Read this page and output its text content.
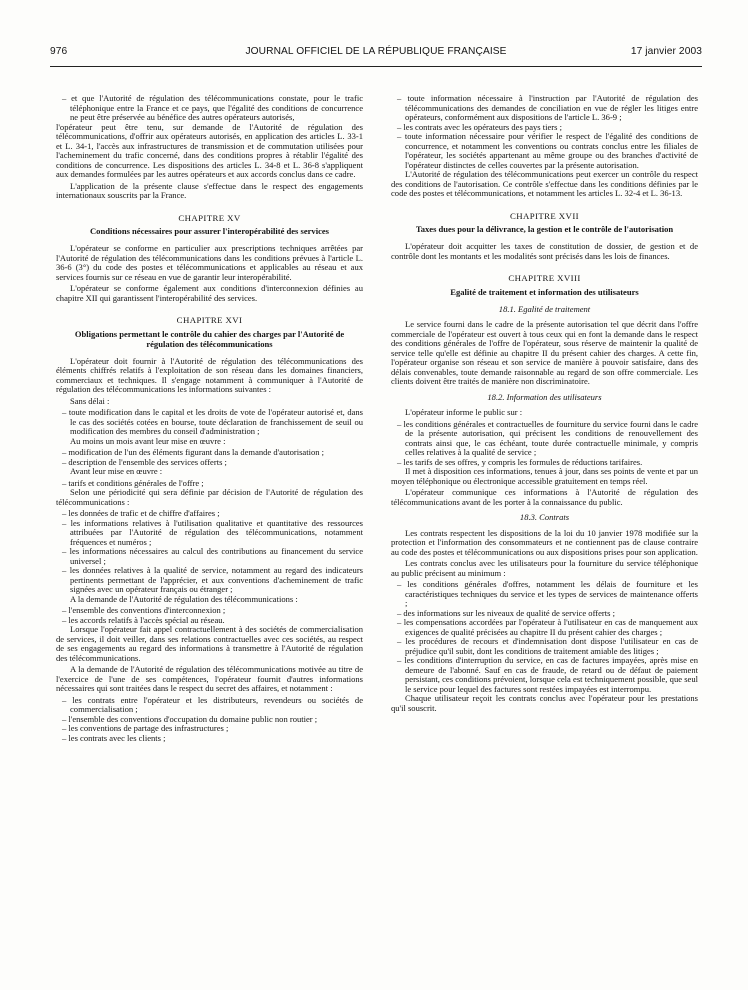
976	JOURNAL OFFICIEL DE LA RÉPUBLIQUE FRANÇAISE	17 janvier 2003

– et que l'Autorité de régulation des télécommunications constate, pour le trafic téléphonique entre la France et ce pays, que l'égalité des conditions de concurrence ne peut être préservée au bénéfice des autres opérateurs autorisés,

l'opérateur peut être tenu, sur demande de l'Autorité de régulation des télécommunications, d'offrir aux opérateurs autorisés, en application des articles L. 33-1 et L. 34-1, l'accès aux infrastructures de transmission et de commutation utilisées pour l'acheminement du trafic concerné, dans des conditions propres à rétablir l'égalité des conditions de concurrence. Les dispositions des articles L. 34-8 et L. 36-8 s'appliquent aux demandes formulées par les autres opérateurs et aux accords conclus dans ce cadre.

L'application de la présente clause s'effectue dans le respect des engagements internationaux souscrits par la France.

CHAPITRE XV
Conditions nécessaires pour assurer l'interopérabilité des services

L'opérateur se conforme en particulier aux prescriptions techniques arrêtées par l'Autorité de régulation des télécommunications dans les conditions prévues à l'article L. 36-6 (3°) du code des postes et télécommunications et applicables au réseau et aux services fournis sur ce réseau en vue de garantir leur interopérabilité.

L'opérateur se conforme également aux conditions d'interconnexion définies au chapitre XII qui garantissent l'interopérabilité des services.

CHAPITRE XVI
Obligations permettant le contrôle du cahier des charges par l'Autorité de régulation des télécommunications

L'opérateur doit fournir à l'Autorité de régulation des télécommunications des éléments chiffrés relatifs à l'exploitation de son réseau dans les domaines financiers, commerciaux et techniques. Il s'engage notamment à communiquer à l'Autorité de régulation des télécommunications les informations suivantes :

Sans délai :

– toute modification dans le capital et les droits de vote de l'opérateur autorisé et, dans le cas des sociétés cotées en bourse, toute déclaration de franchissement de seuil ou modification des membres du conseil d'administration ;

Au moins un mois avant leur mise en œuvre :

– modification de l'un des éléments figurant dans la demande d'autorisation ;

– description de l'ensemble des services offerts ;

Avant leur mise en œuvre :

– tarifs et conditions générales de l'offre ;

Selon une périodicité qui sera définie par décision de l'Autorité de régulation des télécommunications :

– les données de trafic et de chiffre d'affaires ;

– les informations relatives à l'utilisation qualitative et quantitative des ressources attribuées par l'Autorité de régulation des télécommunications, notamment fréquences et numéros ;

– les informations nécessaires au calcul des contributions au financement du service universel ;

– les données relatives à la qualité de service, notamment au regard des indicateurs pertinents permettant de l'apprécier, et aux conventions d'acheminement de trafic signées avec un opérateur français ou étranger ;

A la demande de l'Autorité de régulation des télécommunications :

– l'ensemble des conventions d'interconnexion ;

– les accords relatifs à l'accès spécial au réseau.

Lorsque l'opérateur fait appel contractuellement à des sociétés de commercialisation de services, il doit veiller, dans ses relations contractuelles avec ces sociétés, au respect de ses engagements au regard des informations à transmettre à l'Autorité de régulation des télécommunications.

A la demande de l'Autorité de régulation des télécommunications motivée au titre de l'exercice de l'une de ses compétences, l'opérateur fournit d'autres informations nécessaires qui sont traitées dans le respect du secret des affaires, et notamment :

– les contrats entre l'opérateur et les distributeurs, revendeurs ou sociétés de commercialisation ;

– l'ensemble des conventions d'occupation du domaine public non routier ;

– les conventions de partage des infrastructures ;

– les contrats avec les clients ;

– toute information nécessaire à l'instruction par l'Autorité de régulation des télécommunications des demandes de conciliation en vue de régler les litiges entre opérateurs, conformément aux dispositions de l'article L. 36-9 ;

– les contrats avec les opérateurs des pays tiers ;

– toute information nécessaire pour vérifier le respect de l'égalité des conditions de concurrence, et notamment les conventions ou contrats conclus entre les filiales de l'opérateur, les sociétés appartenant au même groupe ou des branches d'activité de l'opérateur distinctes de celles couvertes par la présente autorisation.

L'Autorité de régulation des télécommunications peut exercer un contrôle du respect des conditions de l'autorisation. Ce contrôle s'effectue dans les conditions définies par le code des postes et télécommunications, et notamment les articles L. 32-4 et L. 36-13.

CHAPITRE XVII
Taxes dues pour la délivrance, la gestion et le contrôle de l'autorisation

L'opérateur doit acquitter les taxes de constitution de dossier, de gestion et de contrôle dont les montants et les modalités sont précisés dans les lois de finances.

CHAPITRE XVIII
Egalité de traitement et information des utilisateurs
18.1. Egalité de traitement

Le service fourni dans le cadre de la présente autorisation tel que décrit dans l'offre commerciale de l'opérateur est ouvert à tous ceux qui en font la demande dans le respect des conditions générales de l'offre de l'opérateur, sous réserve de maintenir la qualité de service telle qu'elle est définie au chapitre II du présent cahier des charges. A cette fin, l'opérateur organise son réseau et son service de manière à pouvoir satisfaire, dans des délais convenables, toute demande raisonnable au regard de son offre commerciale. Les clients doivent être traités de manière non discriminatoire.

18.2. Information des utilisateurs

L'opérateur informe le public sur :

– les conditions générales et contractuelles de fourniture du service fourni dans le cadre de la présente autorisation, qui précisent les conditions de renouvellement des contrats ainsi que, le cas échéant, toute durée contractuelle minimale, y compris celles relatives à la qualité de service ;

– les tarifs de ses offres, y compris les formules de réductions tarifaires.

Il met à disposition ces informations, tenues à jour, dans ses points de vente et par un moyen téléphonique ou électronique accessible gratuitement en temps réel.

L'opérateur communique ces informations à l'Autorité de régulation des télécommunications avant de les porter à la connaissance du public.

18.3. Contrats

Les contrats respectent les dispositions de la loi du 10 janvier 1978 modifiée sur la protection et l'information des consommateurs et ne contiennent pas de clause contraire au code des postes et télécommunications ou aux dispositions prises pour son application.

Les contrats conclus avec les utilisateurs pour la fourniture du service téléphonique au public précisent au minimum :

– les conditions générales d'offres, notamment les délais de fourniture et les caractéristiques techniques du service et les types de services de maintenance offerts ;

– des informations sur les niveaux de qualité de service offerts ;

– les compensations accordées par l'opérateur à l'utilisateur en cas de manquement aux exigences de qualité précisées au chapitre II du présent cahier des charges ;

– les procédures de recours et d'indemnisation dont dispose l'utilisateur en cas de préjudice qu'il subit, dont les conditions de traitement amiable des litiges ;

– les conditions d'interruption du service, en cas de factures impayées, après mise en demeure de l'abonné. Sauf en cas de fraude, de retard ou de défaut de paiement persistant, ces conditions prévoient, lorsque cela est techniquement possible, que seul le service pour lequel des factures sont restées impayées est interrompu.

Chaque utilisateur reçoit les contrats conclus avec l'opérateur pour les prestations qu'il souscrit.
